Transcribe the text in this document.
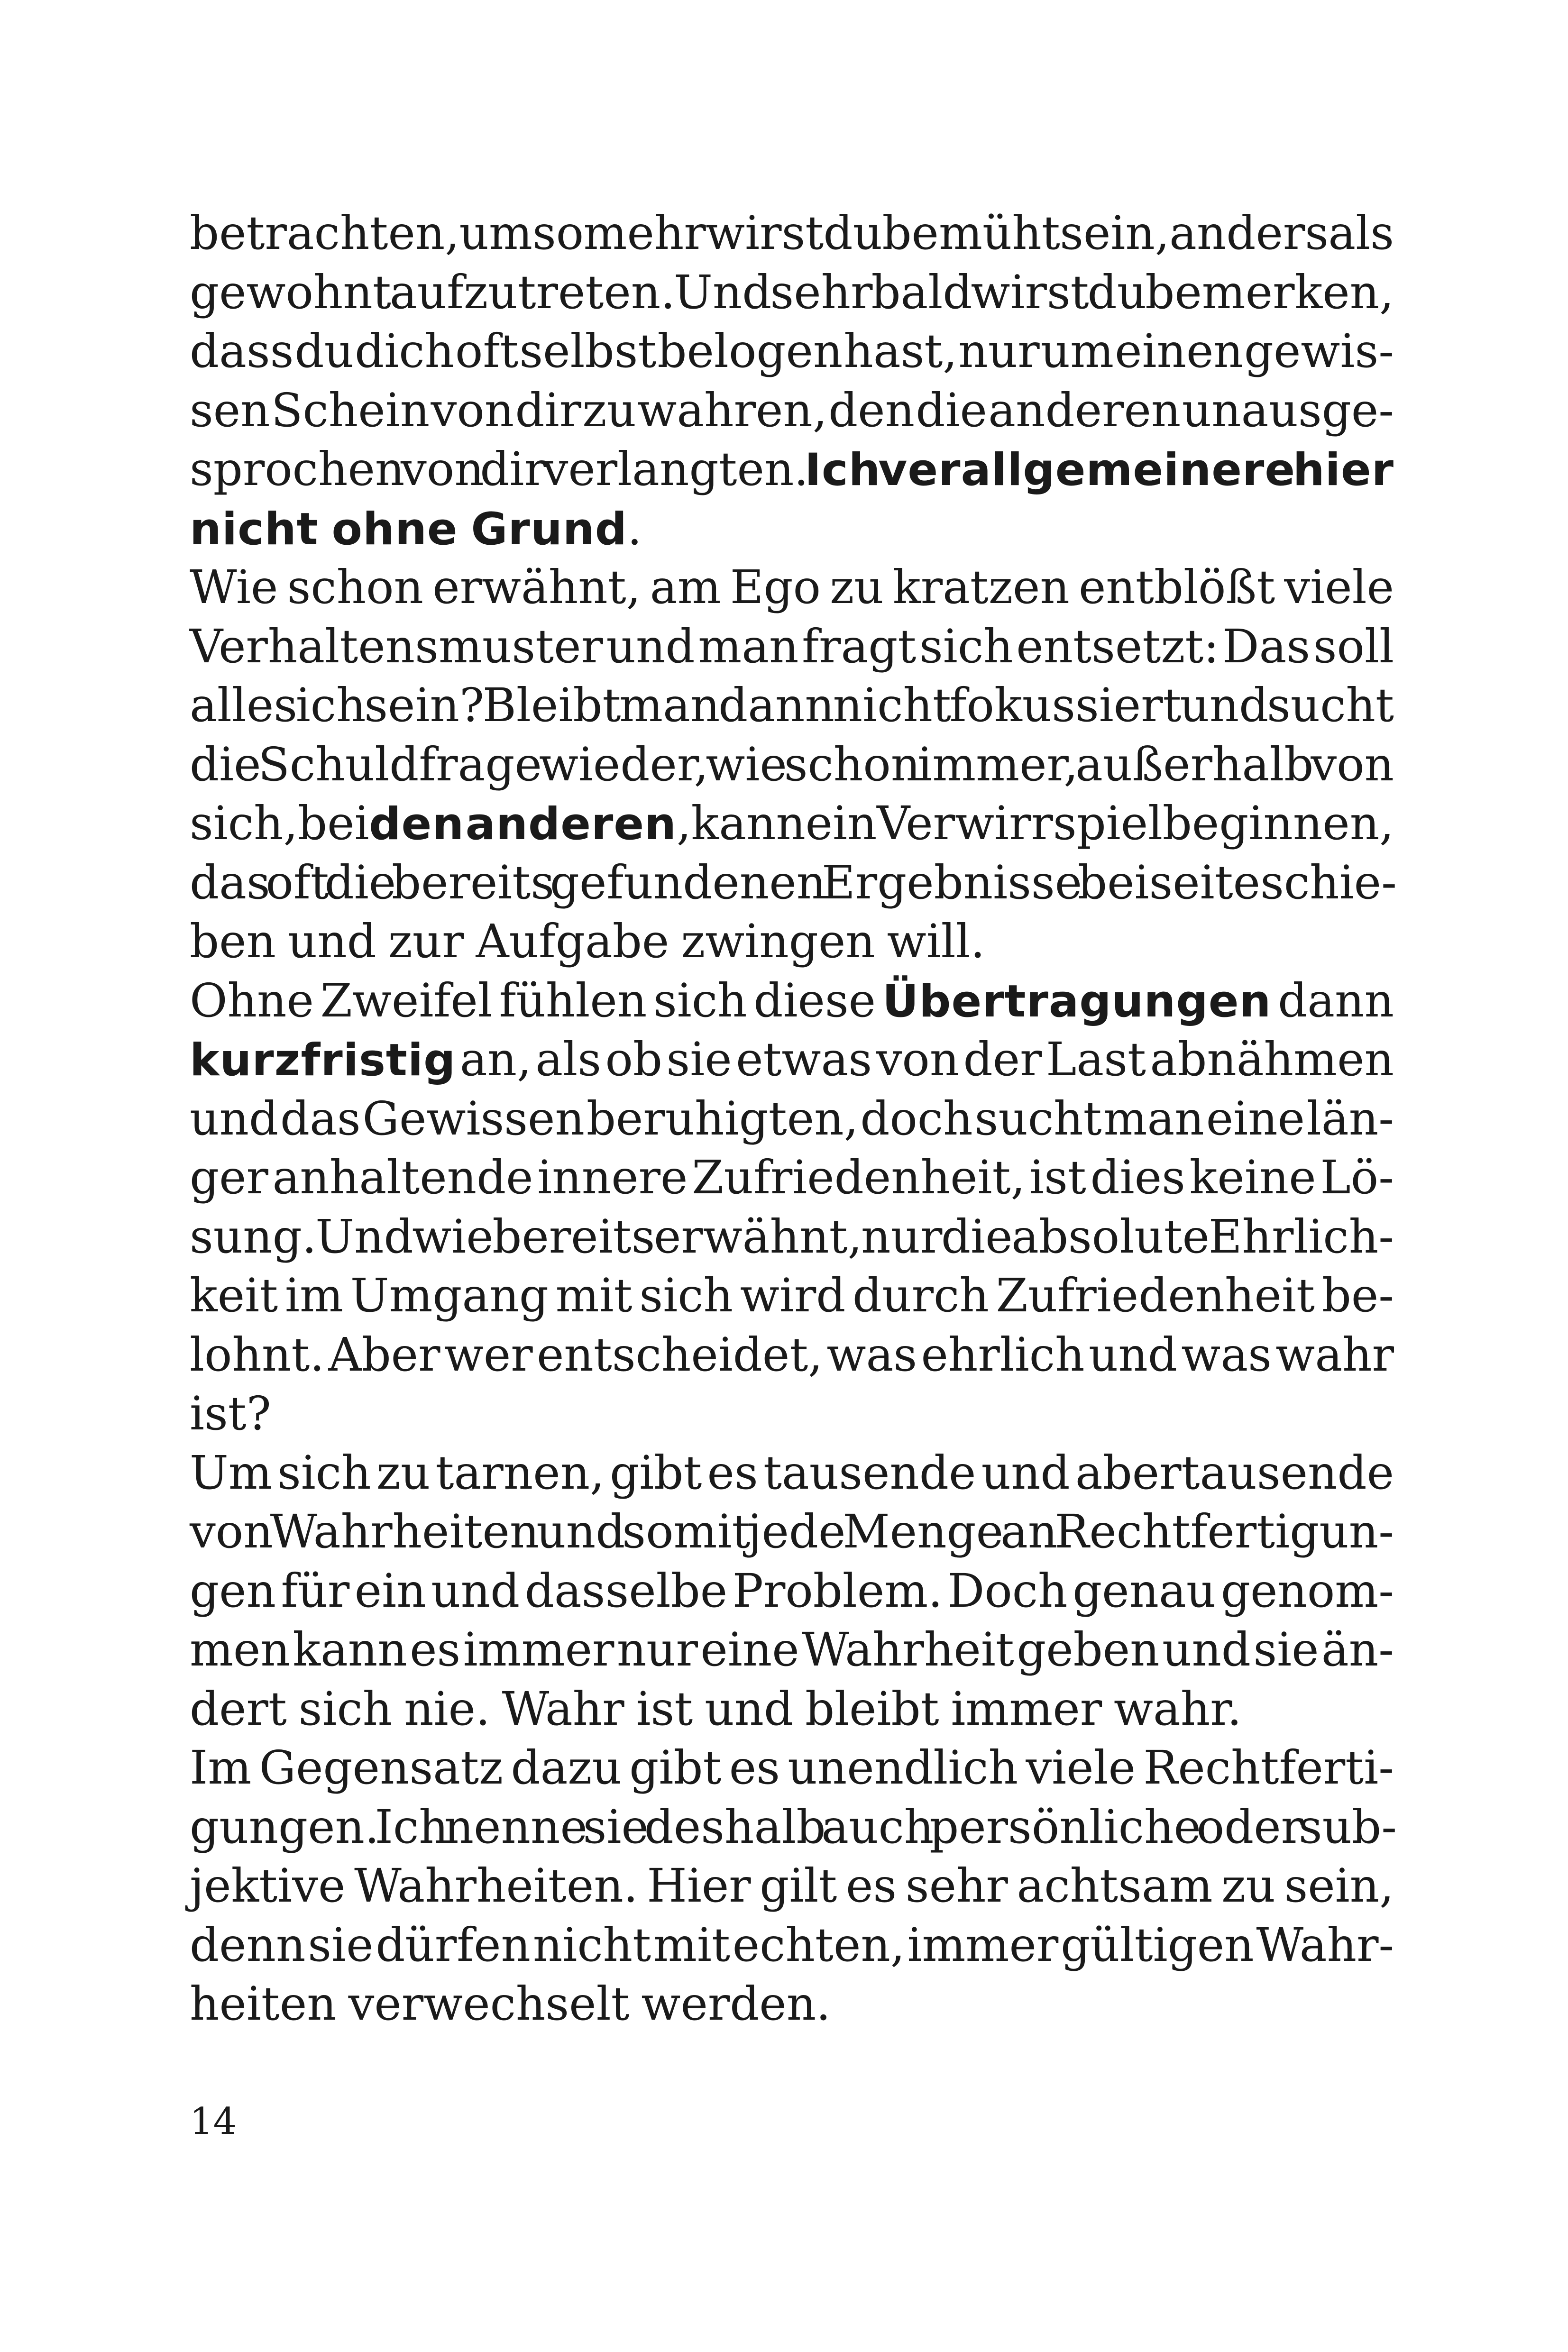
betrachten, umso mehr wirst du bemüht sein, anders als
gewohnt aufzutreten. Und sehr bald wirst du bemerken,
dass du dich oft selbst belogen hast, nur um einen gewis-
sen Schein von dir zu wahren, den die anderen unausge-
sprochen von dir verlangten. Ich verallgemeinere hier
nicht ohne Grund.
Wie schon erwähnt, am Ego zu kratzen entblößt viele
Verhaltensmuster und man fragt sich entsetzt: Das soll
alles ich sein? Bleibt man dann nicht fokussiert und sucht
die Schuldfrage wieder, wie schon immer, außerhalb von
sich, bei den anderen, kann ein Verwirrspiel beginnen,
das oft die bereits gefundenen Ergebnisse beiseiteschie-
ben und zur Aufgabe zwingen will.
Ohne Zweifel fühlen sich diese Übertragungen dann
kurzfristig an, als ob sie etwas von der Last abnähmen
und das Gewissen beruhigten, doch sucht man eine län-
ger anhaltende innere Zufriedenheit, ist dies keine Lö-
sung. Und wie bereits erwähnt, nur die absolute Ehrlich-
keit im Umgang mit sich wird durch Zufriedenheit be-
lohnt. Aber wer entscheidet, was ehrlich und was wahr
ist?
Um sich zu tarnen, gibt es tausende und abertausende
von Wahrheiten und somit jede Menge an Rechtfertigun-
gen für ein und dasselbe Problem. Doch genau genom-
men kann es immer nur eine Wahrheit geben und sie än-
dert sich nie. Wahr ist und bleibt immer wahr.
Im Gegensatz dazu gibt es unendlich viele Rechtferti-
gungen. Ich nenne sie deshalb auch persönliche oder sub-
jektive Wahrheiten. Hier gilt es sehr achtsam zu sein,
denn sie dürfen nicht mit echten, immer gültigen Wahr-
heiten verwechselt werden.
14
